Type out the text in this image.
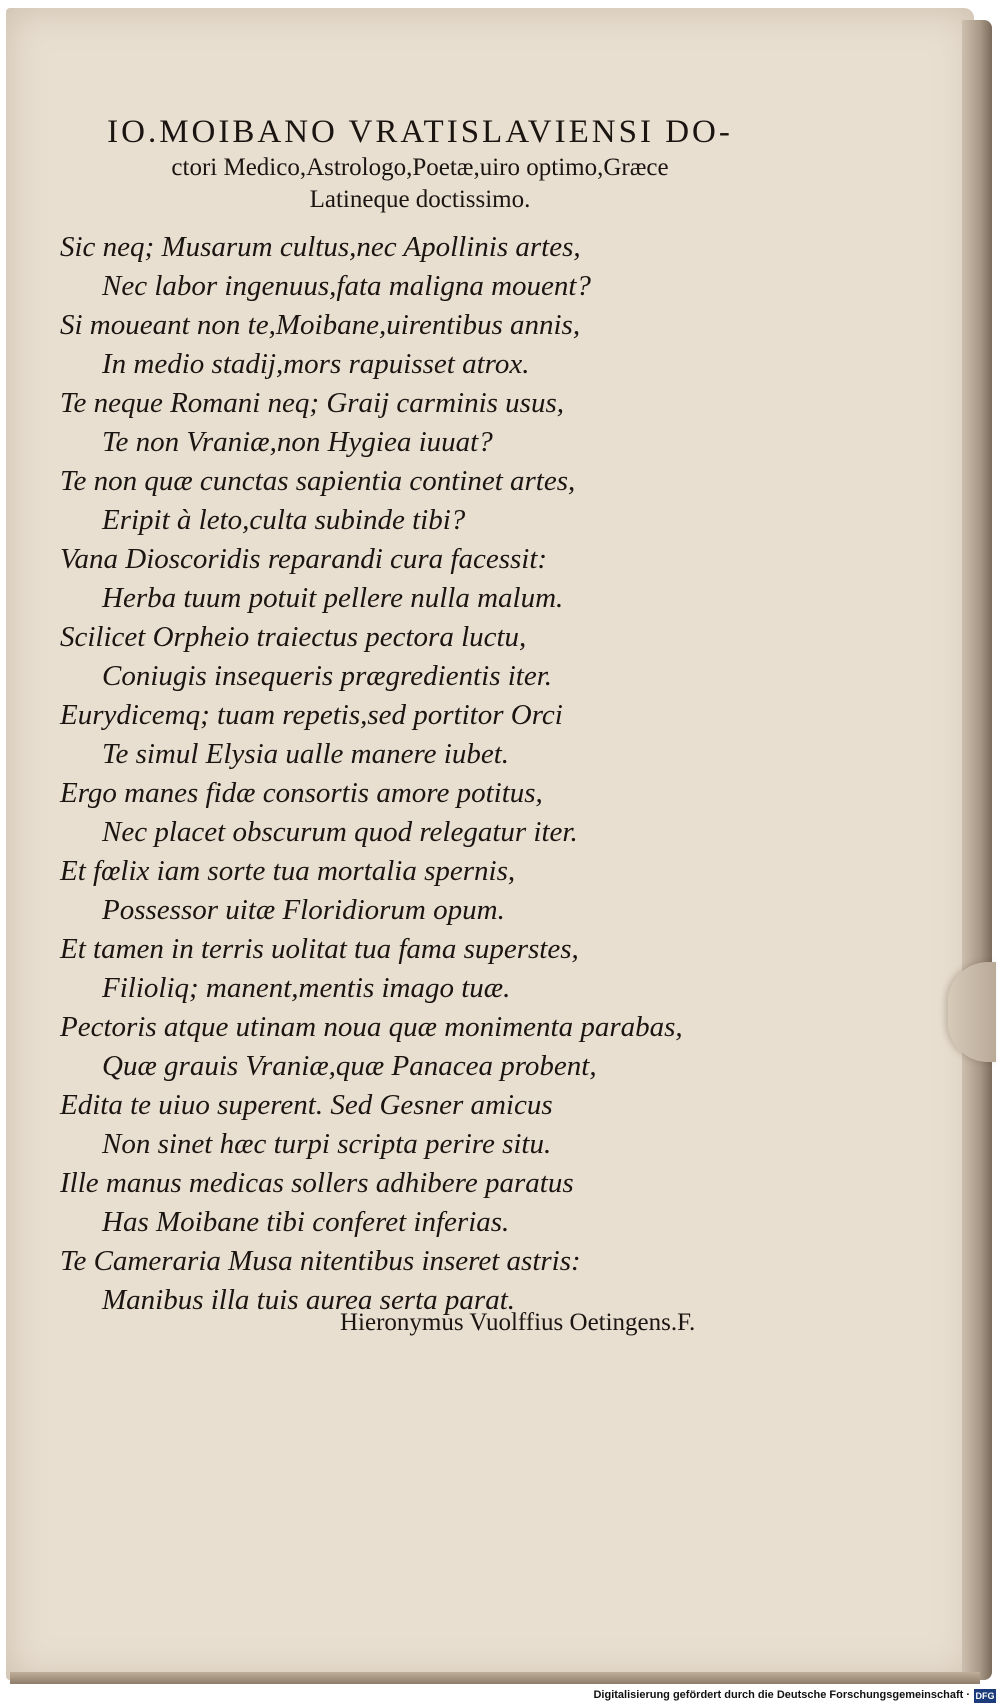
IO.MOIBANO VRATISLAVIENSI DO-
ctori Medico,Astrologo,Poetæ,uiro optimo,Græce
Latineque doctissimo.
Sic neq; Musarum cultus,nec Apollinis artes,
Nec labor ingenuus,fata maligna mouent?
Si moueant non te,Moibane,uirentibus annis,
In medio stadij,mors rapuisset atrox.
Te neque Romani neq; Graij carminis usus,
Te non Vraniæ,non Hygiea iuuat?
Te non quæ cunctas sapientia continet artes,
Eripit à leto,culta subinde tibi?
Vana Dioscoridis reparandi cura facessit:
Herba tuum potuit pellere nulla malum.
Scilicet Orpheio traiectus pectora luctu,
Coniugis insequeris prægredientis iter.
Eurydicemq; tuam repetis,sed portitor Orci
Te simul Elysia ualle manere iubet.
Ergo manes fidæ consortis amore potitus,
Nec placet obscurum quod relegatur iter.
Et fœlix iam sorte tua mortalia spernis,
Possessor uitæ Floridiorum opum.
Et tamen in terris uolitat tua fama superstes,
Filioliq; manent,mentis imago tuæ.
Pectoris atque utinam noua quæ monimenta parabas,
Quæ grauis Vraniæ,quæ Panacea probent,
Edita te uiuo superent. Sed Gesner amicus
Non sinet hæc turpi scripta perire situ.
Ille manus medicas sollers adhibere paratus
Has Moibane tibi conferet inferias.
Te Cameraria Musa nitentibus inseret astris:
Manibus illa tuis aurea serta parat.
Hieronymus Vuolffius Oetingens.F.
Digitalisierung gefördert durch die Deutsche Forschungsgemeinschaft · DFG
